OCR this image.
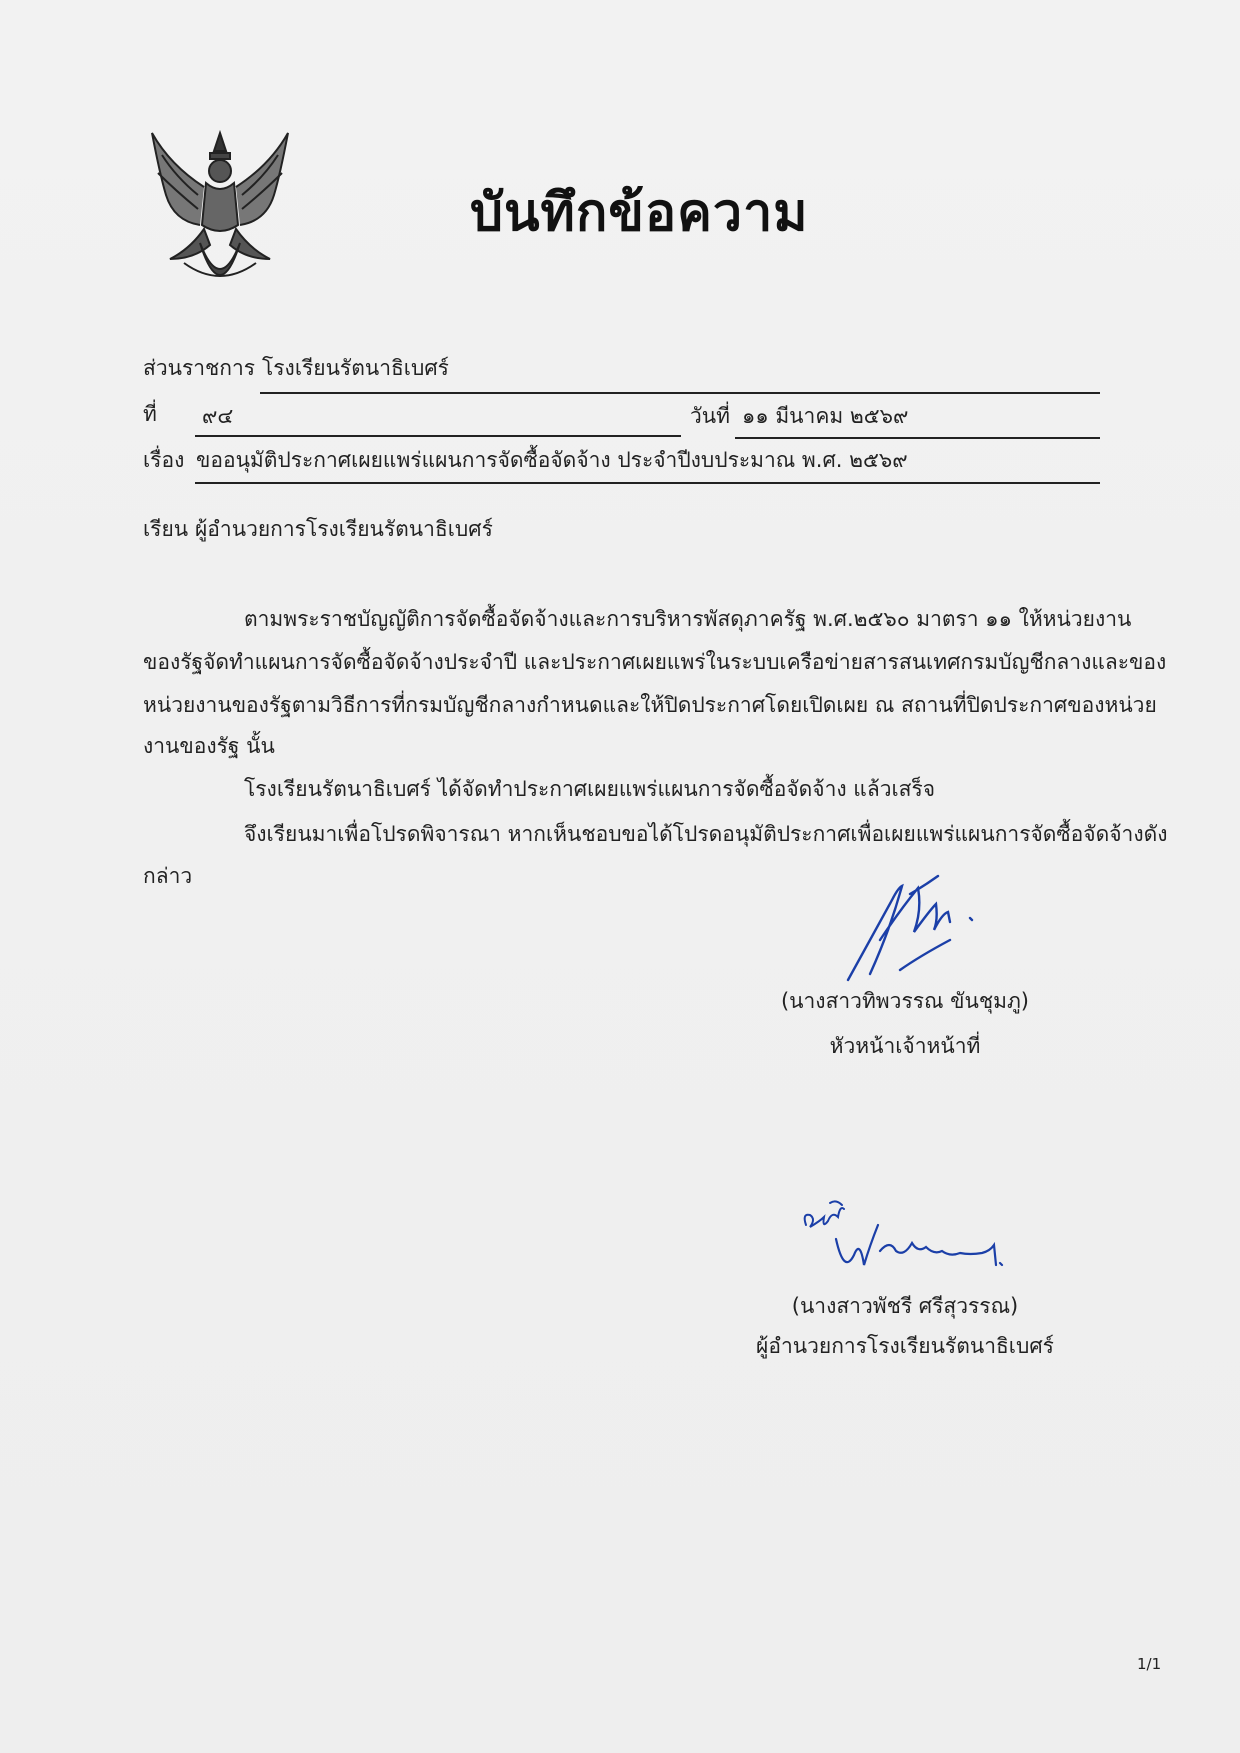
บันทึกข้อความ
ส่วนราชการ โรงเรียนรัตนาธิเบศร์
ที่ ๙๔	วันที่ ๑๑ มีนาคม ๒๕๖๙
เรื่อง ขออนุมัติประกาศเผยแพร่แผนการจัดซื้อจัดจ้าง ประจำปีงบประมาณ พ.ศ. ๒๕๖๙
เรียน ผู้อำนวยการโรงเรียนรัตนาธิเบศร์
ตามพระราชบัญญัติการจัดซื้อจัดจ้างและการบริหารพัสดุภาครัฐ พ.ศ.๒๕๖๐ มาตรา ๑๑ ให้หน่วยงาน
ของรัฐจัดทำแผนการจัดซื้อจัดจ้างประจำปี และประกาศเผยแพร่ในระบบเครือข่ายสารสนเทศกรมบัญชีกลางและของ
หน่วยงานของรัฐตามวิธีการที่กรมบัญชีกลางกำหนดและให้ปิดประกาศโดยเปิดเผย ณ สถานที่ปิดประกาศของหน่วย
งานของรัฐ นั้น
โรงเรียนรัตนาธิเบศร์ ได้จัดทำประกาศเผยแพร่แผนการจัดซื้อจัดจ้าง แล้วเสร็จ
จึงเรียนมาเพื่อโปรดพิจารณา หากเห็นชอบขอได้โปรดอนุมัติประกาศเพื่อเผยแพร่แผนการจัดซื้อจัดจ้างดัง
กล่าว
(นางสาวทิพวรรณ ขันชุมภู)
หัวหน้าเจ้าหน้าที่
(นางสาวพัชรี ศรีสุวรรณ)
ผู้อำนวยการโรงเรียนรัตนาธิเบศร์
1/1
